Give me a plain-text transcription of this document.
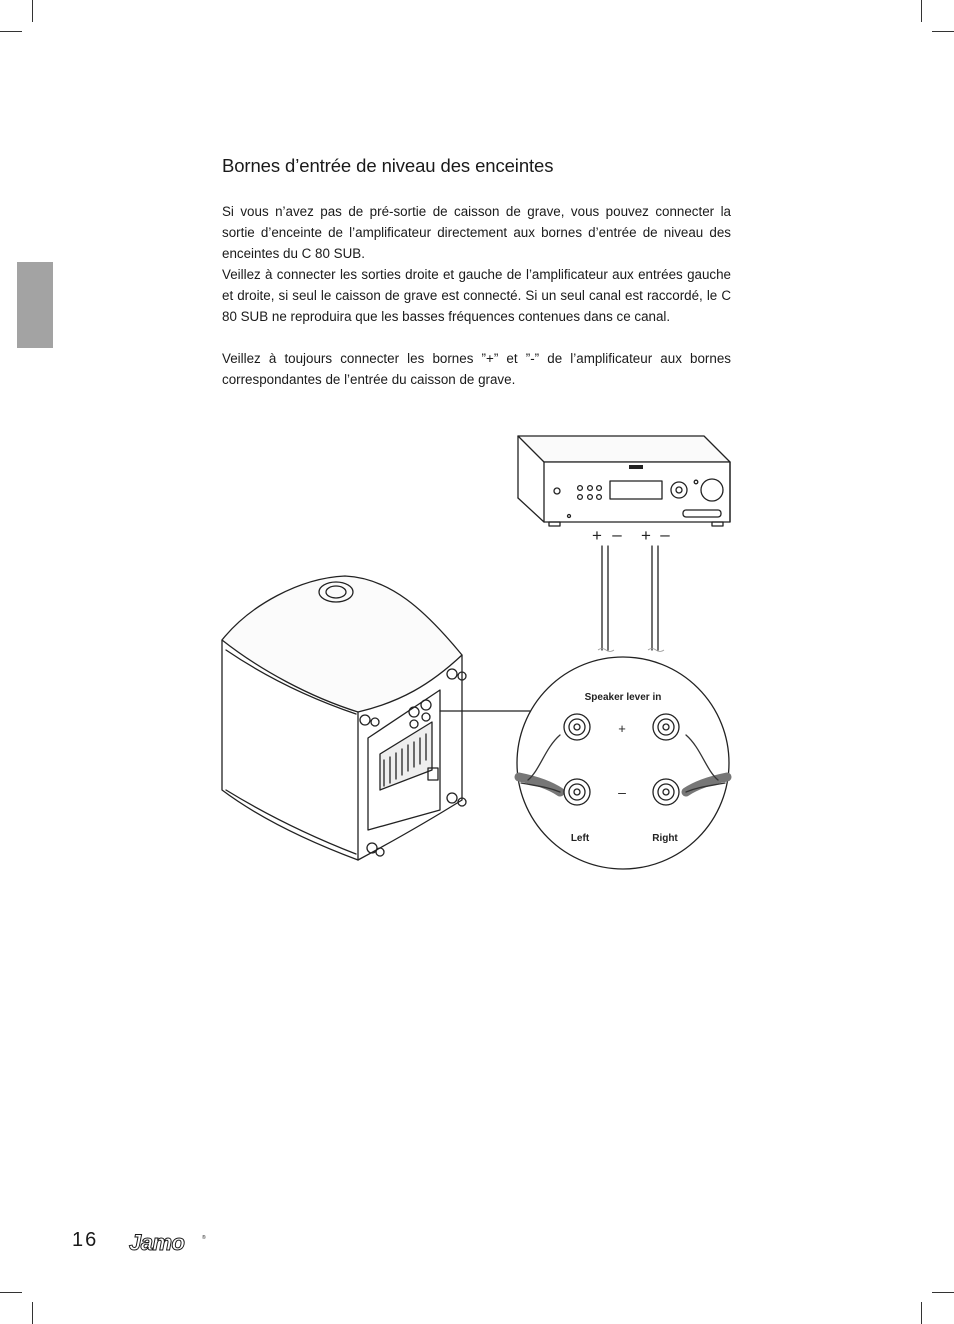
Bornes d’entrée de niveau des enceintes
Si vous n’avez pas de pré-sortie de caisson de grave, vous pouvez connecter la sortie d’enceinte de l’amplificateur directement aux bornes d’entrée de niveau des enceintes du C 80 SUB.
Veillez à connecter les sorties droite et gauche de l’amplificateur aux entrées gauche et droite, si seul le caisson de grave est connecté. Si un seul canal est raccordé, le C 80 SUB ne reproduira que les basses fréquences contenues dans ce canal.

Veillez à toujours connecter les bornes ”+” et ”-” de l’amplificateur aux bornes correspondantes de l’entrée du caisson de grave.

+ – + –
Speaker lever in
+
–
Left	Right
16 Jamo	®
